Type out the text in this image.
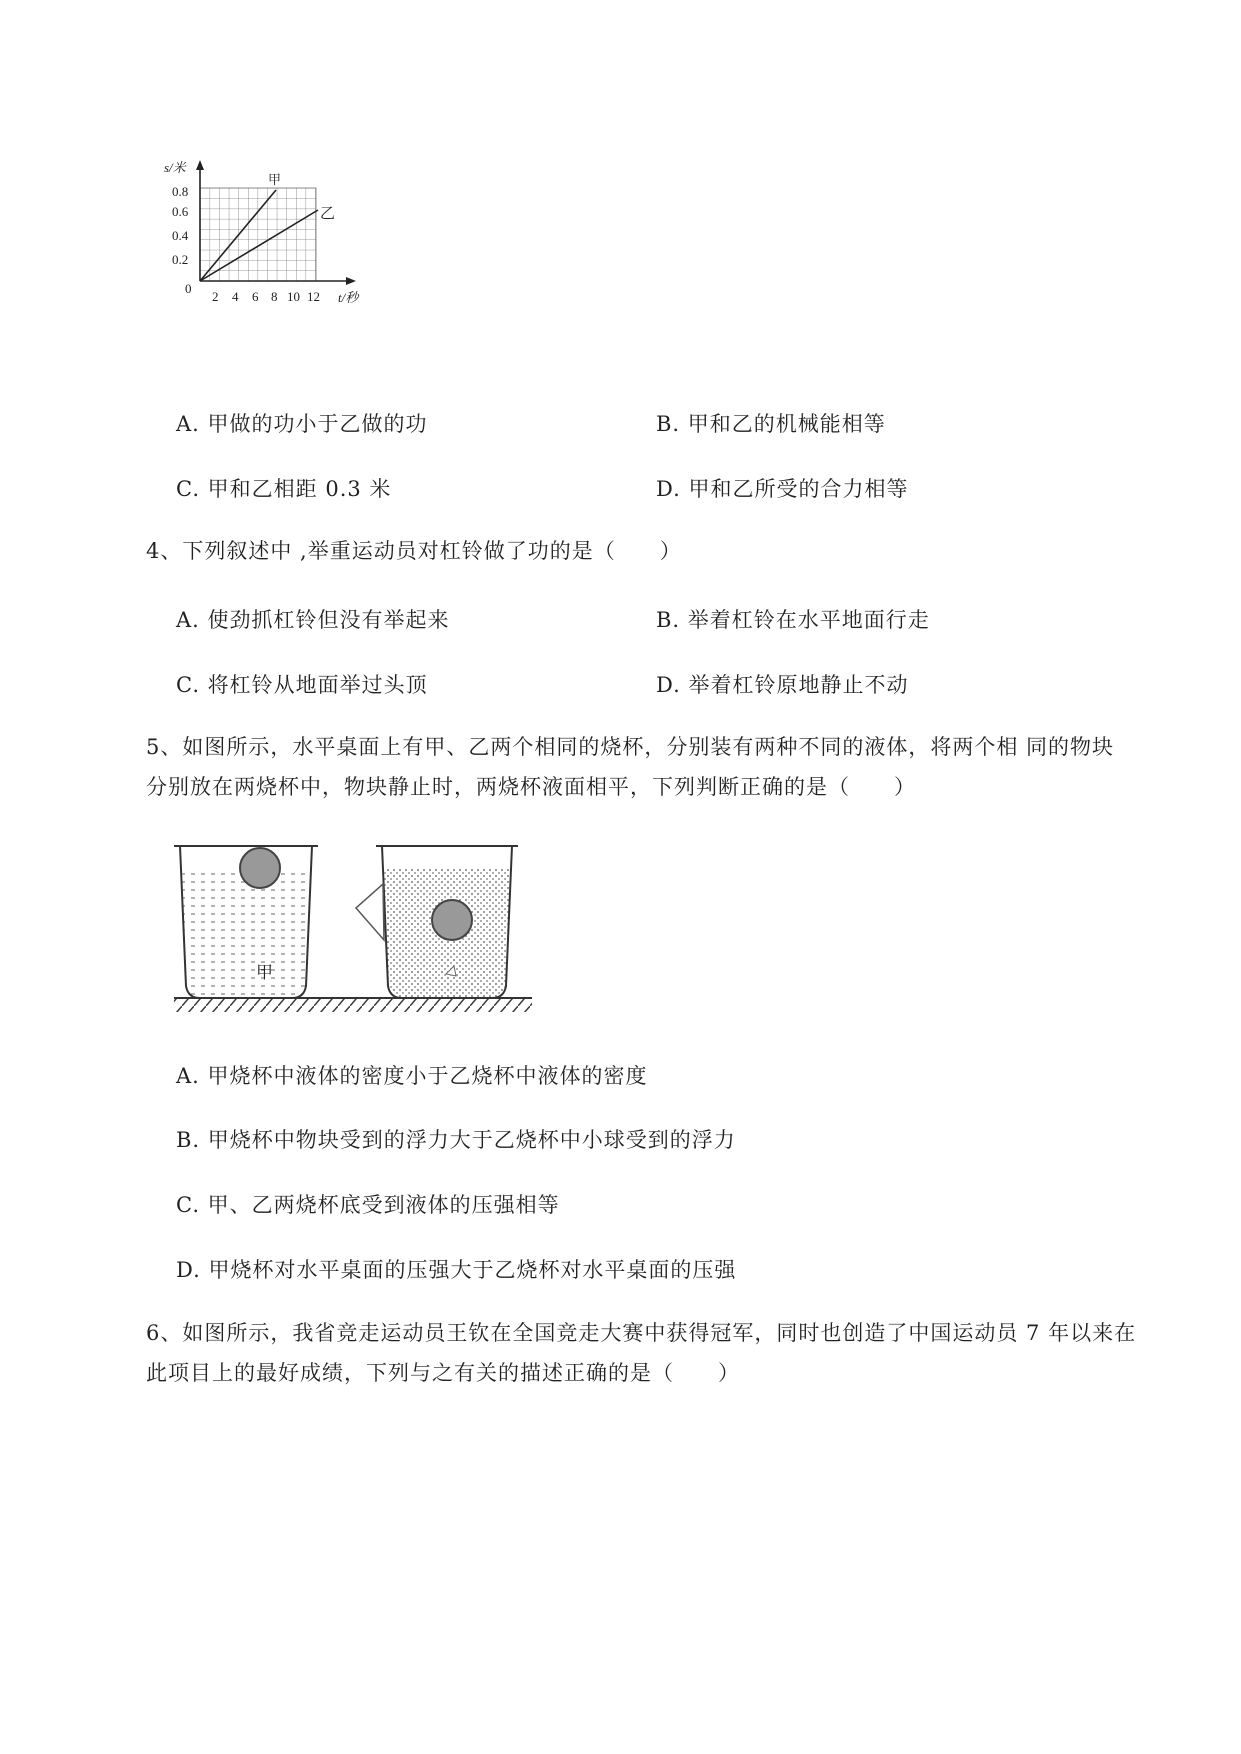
s/米
甲
乙
0
0.8
0.6
0.4
0.2
2 4 6 8 10 12 t/秒
A. 甲做的功小于乙做的功	B. 甲和乙的机械能相等
C. 甲和乙相距 0.3 米	D. 甲和乙所受的合力相等
4、下列叙述中 ,举重运动员对杠铃做了功的是（　　）
A. 使劲抓杠铃但没有举起来	B. 举着杠铃在水平地面行走
C. 将杠铃从地面举过头顶	D. 举着杠铃原地静止不动
5、如图所示，水平桌面上有甲、乙两个相同的烧杯，分别装有两种不同的液体，将两个相 同的物块
分别放在两烧杯中，物块静止时，两烧杯液面相平，下列判断正确的是（　　）
甲
A. 甲烧杯中液体的密度小于乙烧杯中液体的密度
B. 甲烧杯中物块受到的浮力大于乙烧杯中小球受到的浮力
C. 甲、乙两烧杯底受到液体的压强相等
D. 甲烧杯对水平桌面的压强大于乙烧杯对水平桌面的压强
6、如图所示，我省竞走运动员王钦在全国竞走大赛中获得冠军，同时也创造了中国运动员 7 年以来在
此项目上的最好成绩，下列与之有关的描述正确的是（　　）
